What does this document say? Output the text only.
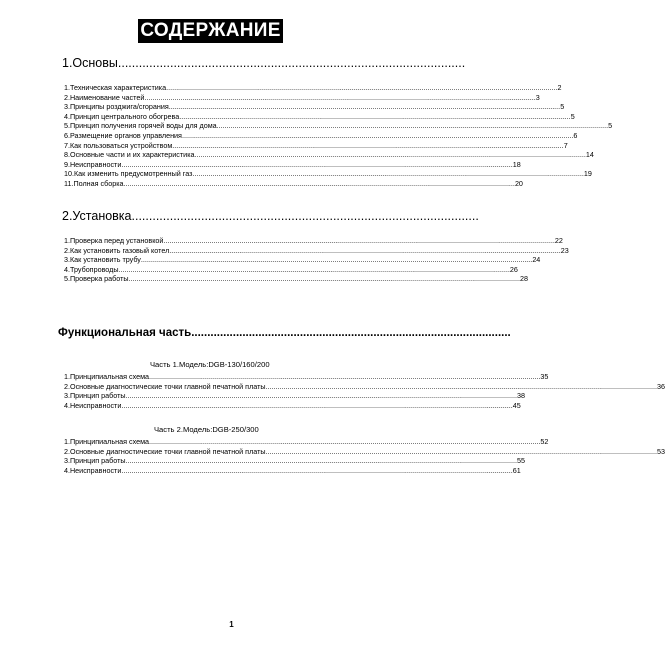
СОДЕРЖАНИЕ
1.Основы....................................................................................................
1.Техническая характеристика .....	2
2.Наименование частей .....	3
3.Принципы розджига/сгорания .....	5
4.Принцип центрального обогрева .....	5
5.Принцип получения горячей воды для дома .....	5
6.Размещение органов управления .....	6
7.Как пользоваться устройством .....	7
8.Основные части и их характеристика .....	14
9.Неисправности .....	18
10.Как изменить предусмотренный газ .....	19
11.Полная сборка .....	20
2.Установка....................................................................................................
1.Проверка перед установкой .....	22
2.Как установить газовый котел .....	23
3.Как установить трубу .....	24
4.Трубопроводы .....	26
5.Проверка работы .....	28
Функциональная часть....................................................................................................
Часть 1.Модель:DGB-130/160/200
1.Принципиальная схема .....	35
2.Основные диагностические точки главной печатной платы .....	36
3.Принцип работы .....	38
4.Неисправности .....	45
Часть 2.Модель:DGB-250/300
1.Принципиальная схема .....	52
2.Основные диагностические точки главной печатной платы .....	53
3.Принцип работы .....	55
4.Неисправности .....	61
1
